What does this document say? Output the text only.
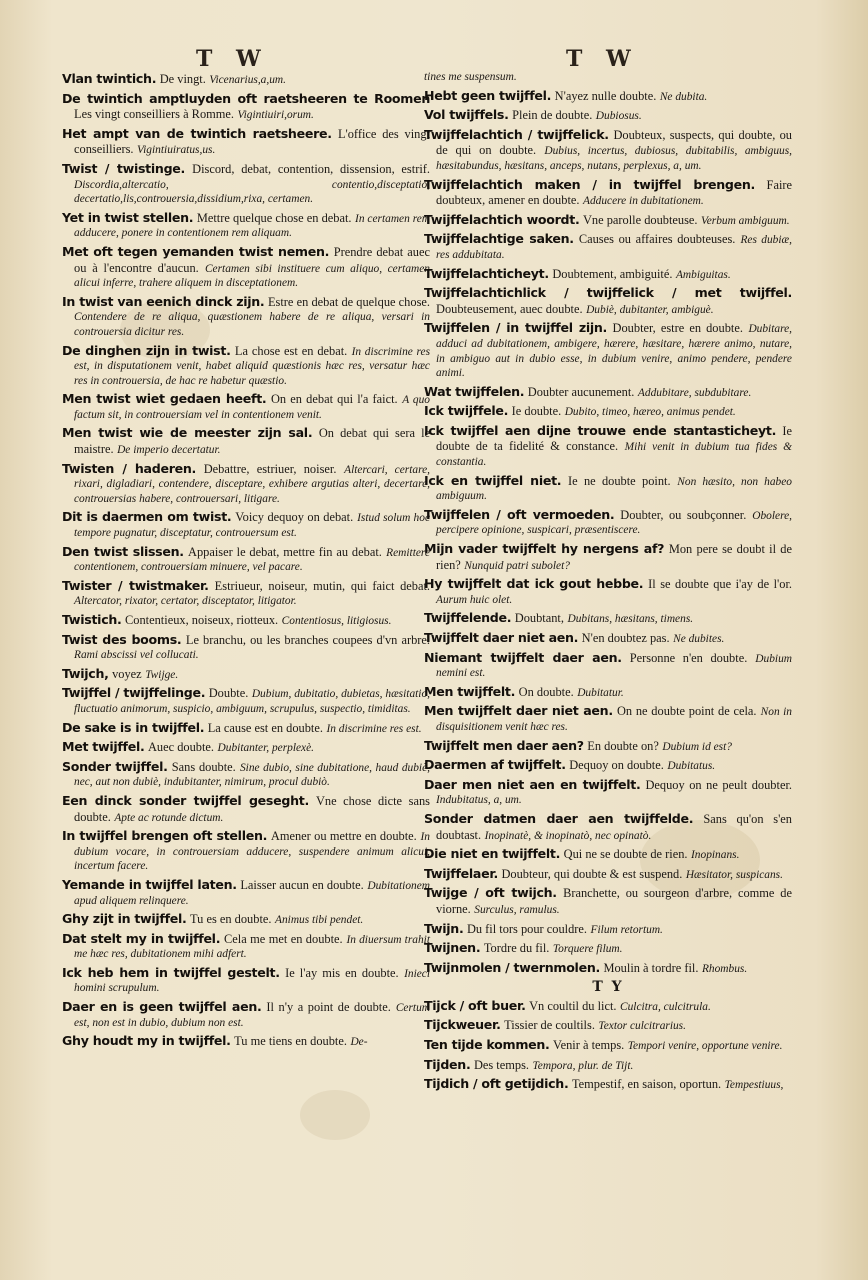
T W	T W
Vlan twintich. De vingt. Vicenarius,a,um.
De twintich amptluyden oft raetsheeren te Roomen Les vingt conseilliers à Romme. Vigintiuiri,orum.
Het ampt van de twintich raetsheere. L'office des vingt conseilliers. Vigintiuiratus,us.
Twist / twistinge. Discord, debat, contention, dissension, estrif. Discordia,altercatio, contentio,disceptatio, decertatio,lis,controuersia,dissidium,rixa, certamen.
Yet in twist stellen. Mettre quelque chose en debat. In certamen rem adducere, ponere in contentionem rem aliquam.
Met oft tegen yemanden twist nemen. Prendre debat auec ou à l'encontre d'aucun. Certamen sibi instituere cum aliquo, certamen alicui inferre, trahere aliquem in disceptationem.
In twist van eenich dinck zijn. Estre en debat de quelque chose. Contendere de re aliqua, quæstionem habere de re aliqua, versari in controuersia dicitur res.
De dinghen zijn in twist. La chose est en debat. In discrimine res est, in disputationem venit, habet aliquid quæstionis hæc res, versatur hæc res in controuersia, de hac re habetur quæstio.
Men twist wiet gedaen heeft. On en debat qui l'a faict. A quo factum sit, in controuersiam vel in contentionem venit.
Men twist wie de meester zijn sal. On debat qui sera le maistre. De imperio decertatur.
Twisten / haderen. Debattre, estriuer, noiser. Altercari, certare, rixari, digladiari, contendere, disceptare, exhibere argutias alteri, decertare, controuersias habere, controuersari, litigare.
Dit is daermen om twist. Voicy dequoy on debat. Istud solum hoc tempore pugnatur, disceptatur, controuersum est.
Den twist slissen. Appaiser le debat, mettre fin au debat. Remittere contentionem, controuersiam minuere, vel pacare.
Twister / twistmaker. Estriueur, noiseur, mutin, qui faict debat. Altercator, rixator, certator, disceptator, litigator.
Twistich. Contentieux, noiseux, riotteux. Contentiosus, litigiosus.
Twist des booms. Le branchu, ou les branches coupees d'vn arbre. Rami abscissi vel collucati.
Twijch, voyez Twijge.
Twijffel / twijffelinge. Doubte. Dubium, dubitatio, dubietas, hæsitatio, fluctuatio animorum, suspicio, ambiguum, scrupulus, suspectio, timiditas.
De sake is in twijffel. La cause est en doubte. In discrimine res est.
Met twijffel. Auec doubte. Dubitanter, perplexè.
Sonder twijffel. Sans doubte. Sine dubio, sine dubitatione, haud dubiè, nec, aut non dubiè, indubitanter, nimirum, procul dubiò.
Een dinck sonder twijffel geseght. Vne chose dicte sans doubte. Apte ac rotunde dictum.
In twijffel brengen oft stellen. Amener ou mettre en doubte. In dubium vocare, in controuersiam adducere, suspendere animum alicui, incertum facere.
Yemande in twijffel laten. Laisser aucun en doubte. Dubitationem apud aliquem relinquere.
Ghy zijt in twijffel. Tu es en doubte. Animus tibi pendet.
Dat stelt my in twijffel. Cela me met en doubte. In diuersum trahit me hæc res, dubitationem mihi adfert.
Ick heb hem in twijffel gestelt. Ie l'ay mis en doubte. Inieci homini scrupulum.
Daer en is geen twijffel aen. Il n'y a point de doubte. Certum est, non est in dubio, dubium non est.
Ghy houdt my in twijffel. Tu me tiens en doubte. De-
tines me suspensum.
Hebt geen twijffel. N'ayez nulle doubte. Ne dubita.
Vol twijffels. Plein de doubte. Dubiosus.
Twijffelachtich / twijffelick. Doubteux, suspects, qui doubte, ou de qui on doubte. Dubius, incertus, dubiosus, dubitabilis, ambiguus, hæsitabundus, hæsitans, anceps, nutans, perplexus, a, um.
Twijffelachtich maken / in twijffel brengen. Faire doubteux, amener en doubte. Adducere in dubitationem.
Twijffelachtich woordt. Vne parolle doubteuse. Verbum ambiguum.
Twijffelachtige saken. Causes ou affaires doubteuses. Res dubiæ, res addubitata.
Twijffelachticheyt. Doubtement, ambiguité. Ambiguitas.
Twijffelachtichlick / twijffelick / met twijffel. Doubteusement, auec doubte. Dubiè, dubitanter, ambiguè.
Twijffelen / in twijffel zijn. Doubter, estre en doubte. Dubitare, adduci ad dubitationem, ambigere, hærere, hæsitare, hærere animo, nutare, in ambiguo aut in dubio esse, in dubium venire, animo pendere, pendere animi.
Wat twijffelen. Doubter aucunement. Addubitare, subdubitare.
Ick twijffele. Ie doubte. Dubito, timeo, hæreo, animus pendet.
Ick twijffel aen dijne trouwe ende stantasticheyt. Ie doubte de ta fidelité & constance. Mihi venit in dubium tua fides & constantia.
Ick en twijffel niet. Ie ne doubte point. Non hæsito, non habeo ambiguum.
Twijffelen / oft vermoeden. Doubter, ou soubçonner. Obolere, percipere opinione, suspicari, præsentiscere.
Mijn vader twijffelt hy nergens af? Mon pere se doubt il de rien? Nunquid patri subolet?
Hy twijffelt dat ick gout hebbe. Il se doubte que i'ay de l'or. Aurum huic olet.
Twijffelende. Doubtant, Dubitans, hæsitans, timens.
Twijffelt daer niet aen. N'en doubtez pas. Ne dubites.
Niemant twijffelt daer aen. Personne n'en doubte. Dubium nemini est.
Men twijffelt. On doubte. Dubitatur.
Men twijffelt daer niet aen. On ne doubte point de cela. Non in disquisitionem venit hæc res.
Twijffelt men daer aen? En doubte on? Dubium id est?
Daermen af twijffelt. Dequoy on doubte. Dubitatus.
Daer men niet aen en twijffelt. Dequoy on ne peult doubter. Indubitatus, a, um.
Sonder datmen daer aen twijffelde. Sans qu'on s'en doubtast. Inopinatè, & inopinatò, nec opinatò.
Die niet en twijffelt. Qui ne se doubte de rien. Inopinans.
Twijffelaer. Doubteur, qui doubte & est suspend. Hæsitator, suspicans.
Twijge / oft twijch. Branchette, ou sourgeon d'arbre, comme de viorne. Surculus, ramulus.
Twijn. Du fil tors pour couldre. Filum retortum.
Twijnen. Tordre du fil. Torquere filum.
Twijnmolen / twernmolen. Moulin à tordre fil. Rhombus.
T Y
Tijck / oft buer. Vn coultil du lict. Culcitra, culcitrula.
Tijckweuer. Tissier de coultils. Textor culcitrarius.
Ten tijde kommen. Venir à temps. Tempori venire, opportune venire.
Tijden. Des temps. Tempora, plur. de Tijt.
Tijdich / oft getijdich. Tempestif, en saison, oportun. Tempestiuus,
